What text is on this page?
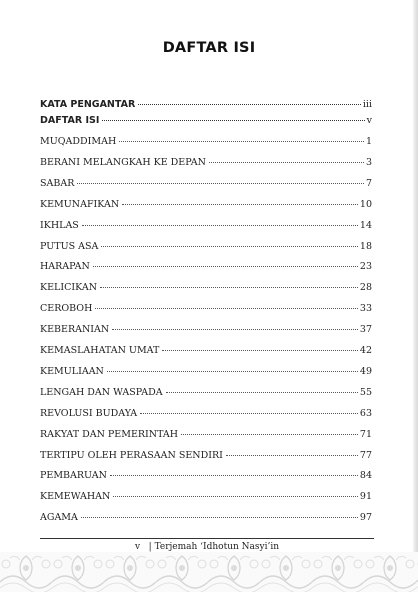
DAFTAR ISI
KATA PENGANTAR	iii
DAFTAR ISI	v
MUQADDIMAH	1
BERANI MELANGKAH KE DEPAN	3
SABAR	7
KEMUNAFIKAN	10
IKHLAS	14
PUTUS ASA	18
HARAPAN	23
KELICIKAN	28
CEROBOH	33
KEBERANIAN	37
KEMASLAHATAN UMAT	42
KEMULIAAN	49
LENGAH DAN WASPADA	55
REVOLUSI BUDAYA	63
RAKYAT DAN PEMERINTAH	71
TERTIPU OLEH PERASAAN SENDIRI	77
PEMBARUAN	84
KEMEWAHAN	91
AGAMA	97
v | Terjemah ‘Idhotun Nasyi’in
